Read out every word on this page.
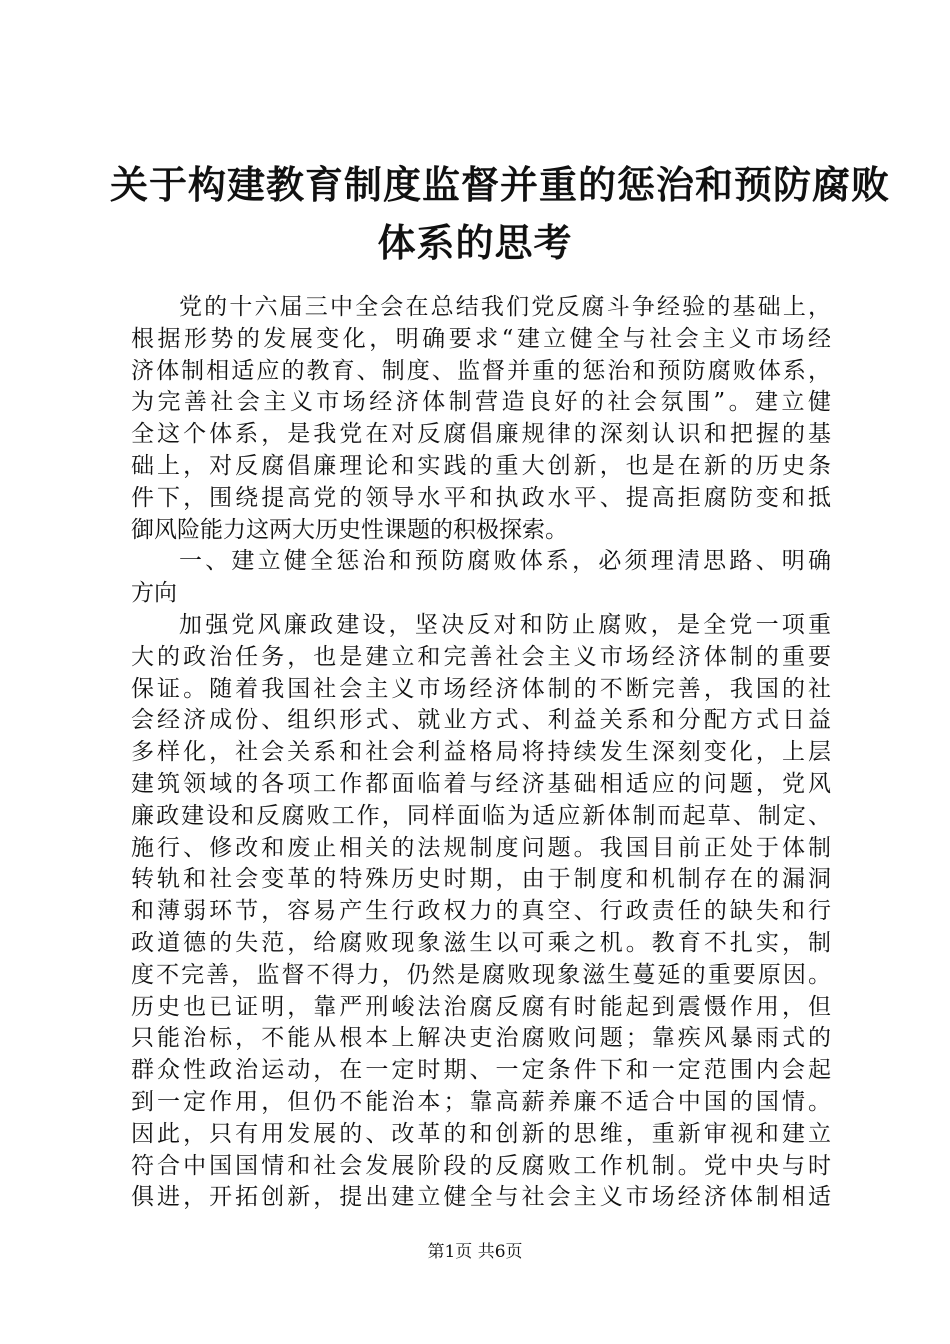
关于构建教育制度监督并重的惩治和预防腐败
体系的思考
党的十六届三中全会在总结我们党反腐斗争经验的基础上，
根据形势的发展变化，明确要求“建立健全与社会主义市场经
济体制相适应的教育、制度、监督并重的惩治和预防腐败体系，
为完善社会主义市场经济体制营造良好的社会氛围”。建立健
全这个体系，是我党在对反腐倡廉规律的深刻认识和把握的基
础上，对反腐倡廉理论和实践的重大创新，也是在新的历史条
件下，围绕提高党的领导水平和执政水平、提高拒腐防变和抵
御风险能力这两大历史性课题的积极探索。
一、建立健全惩治和预防腐败体系，必须理清思路、明确
方向
加强党风廉政建设，坚决反对和防止腐败，是全党一项重
大的政治任务，也是建立和完善社会主义市场经济体制的重要
保证。随着我国社会主义市场经济体制的不断完善，我国的社
会经济成份、组织形式、就业方式、利益关系和分配方式日益
多样化，社会关系和社会利益格局将持续发生深刻变化，上层
建筑领域的各项工作都面临着与经济基础相适应的问题，党风
廉政建设和反腐败工作，同样面临为适应新体制而起草、制定、
施行、修改和废止相关的法规制度问题。我国目前正处于体制
转轨和社会变革的特殊历史时期，由于制度和机制存在的漏洞
和薄弱环节，容易产生行政权力的真空、行政责任的缺失和行
政道德的失范，给腐败现象滋生以可乘之机。教育不扎实，制
度不完善，监督不得力，仍然是腐败现象滋生蔓延的重要原因。
历史也已证明，靠严刑峻法治腐反腐有时能起到震慑作用，但
只能治标，不能从根本上解决吏治腐败问题；靠疾风暴雨式的
群众性政治运动，在一定时期、一定条件下和一定范围内会起
到一定作用，但仍不能治本；靠高薪养廉不适合中国的国情。
因此，只有用发展的、改革的和创新的思维，重新审视和建立
符合中国国情和社会发展阶段的反腐败工作机制。党中央与时
俱进，开拓创新，提出建立健全与社会主义市场经济体制相适
第1页 共6页
